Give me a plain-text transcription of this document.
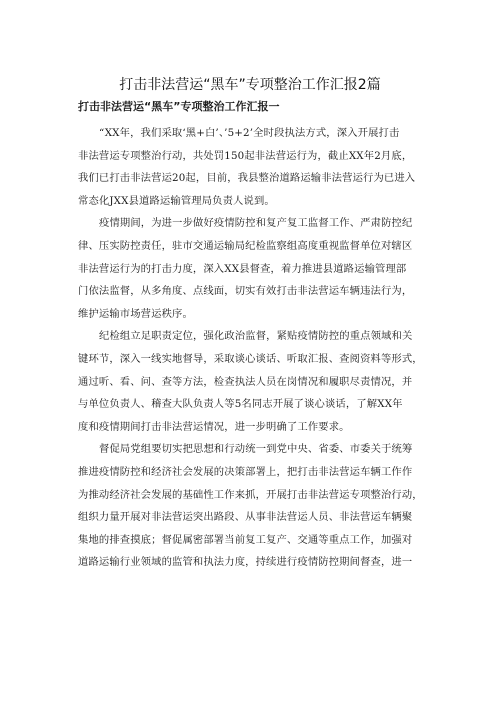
打击非法营运“黑车”专项整治工作汇报2篇
打击非法营运“黑车”专项整治工作汇报一

“XX年，我们采取‘黑+白’、’5+2’全时段执法方式，深入开展打击
非法营运专项整治行动，共处罚150起非法营运行为，截止XX年2月底，
我们已打击非法营运20起，目前，我县整治道路运输非法营运行为已进入
常态化JXX县道路运输管理局负责人说到。

疫情期间，为进一步做好疫情防控和复产复工监督工作、严肃防控纪
律、压实防控责任，驻市交通运输局纪检监察组高度重视监督单位对辖区
非法营运行为的打击力度，深入XX县督查，着力推进县道路运输管理部
门依法监督，从多角度、点线面，切实有效打击非法营运车辆违法行为，
维护运输市场营运秩序。

纪检组立足职责定位，强化政治监督，紧贴疫情防控的重点领域和关
键环节，深入一线实地督导，采取谈心谈话、听取汇报、查阅资料等形式，
通过听、看、问、查等方法，检查执法人员在岗情况和履职尽责情况，并
与单位负责人、稽查大队负责人等5名同志开展了谈心谈话，了解XX年
度和疫情期间打击非法营运情况，进一步明确了工作要求。

督促局党组要切实把思想和行动统一到党中央、省委、市委关于统筹
推进疫情防控和经济社会发展的决策部署上，把打击非法营运车辆工作作
为推动经济社会发展的基础性工作来抓，开展打击非法营运专项整治行动，
组织力量开展对非法营运突出路段、从事非法营运人员、非法营运车辆聚
集地的排查摸底；督促属密部署当前复工复产、交通等重点工作，加强对
道路运输行业领域的监管和执法力度，持续进行疫情防控期间督查，进一
